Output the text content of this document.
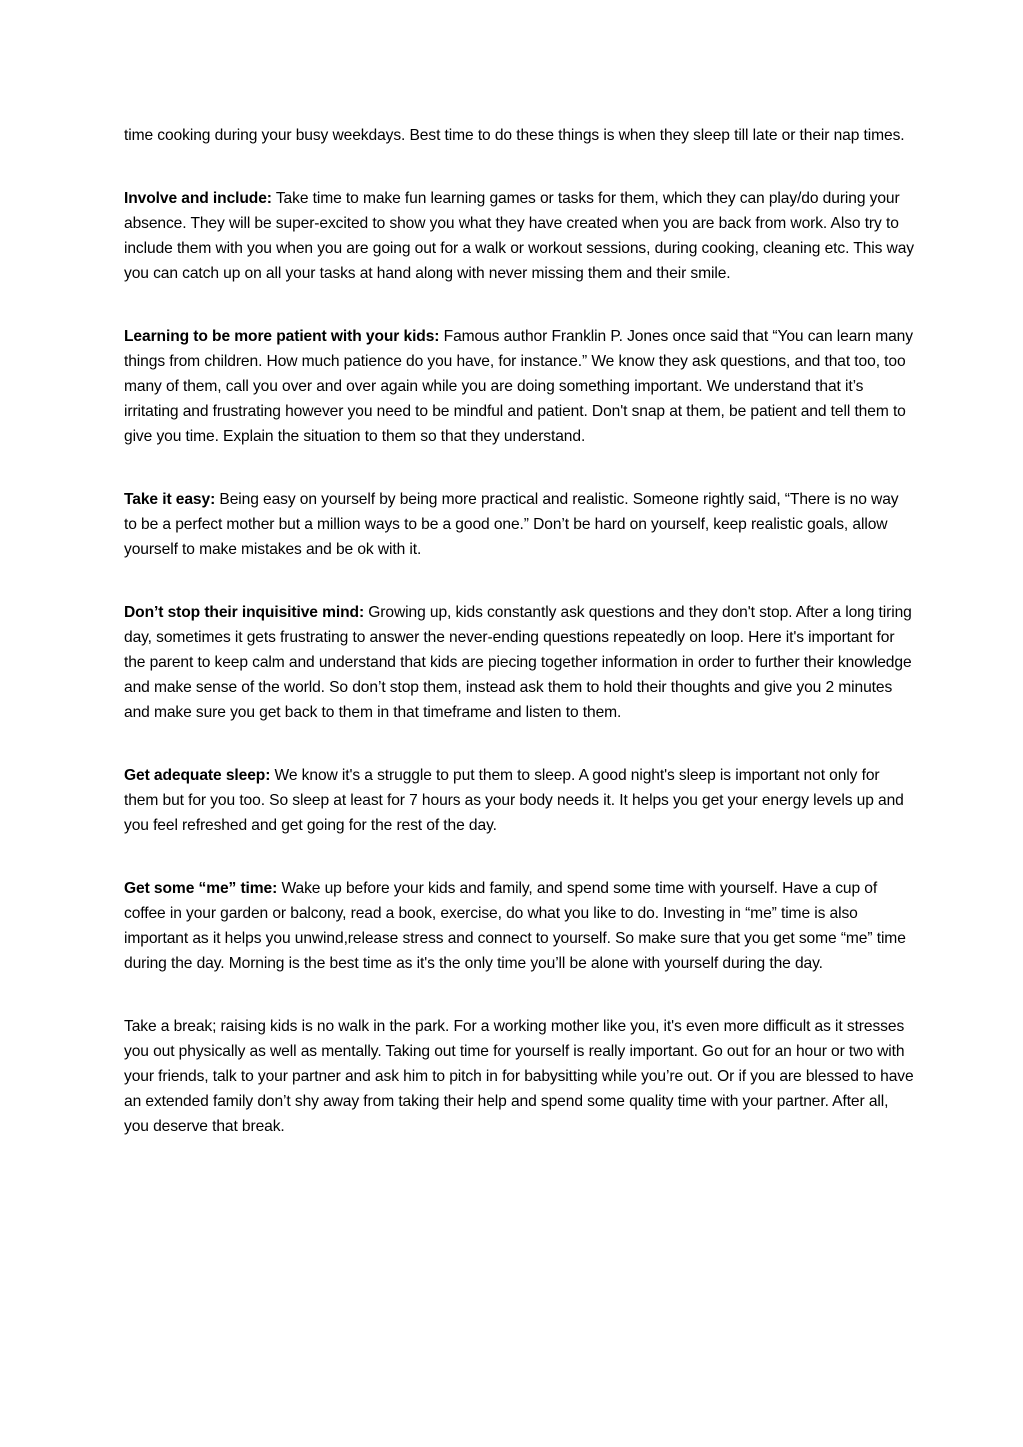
time cooking during your busy weekdays. Best time to do these things is when they sleep till late or their nap times.

Involve and include: Take time to make fun learning games or tasks for them, which they can play/do during your absence. They will be super-excited to show you what they have created when you are back from work. Also try to include them with you when you are going out for a walk or workout sessions, during cooking, cleaning etc. This way you can catch up on all your tasks at hand along with never missing them and their smile.

Learning to be more patient with your kids: Famous author Franklin P. Jones once said that “You can learn many things from children. How much patience do you have, for instance.” We know they ask questions, and that too, too many of them, call you over and over again while you are doing something important. We understand that it’s irritating and frustrating however you need to be mindful and patient. Don't snap at them, be patient and tell them to give you time. Explain the situation to them so that they understand.

Take it easy: Being easy on yourself by being more practical and realistic. Someone rightly said, “There is no way to be a perfect mother but a million ways to be a good one.” Don’t be hard on yourself, keep realistic goals, allow yourself to make mistakes and be ok with it.

Don’t stop their inquisitive mind: Growing up, kids constantly ask questions and they don't stop. After a long tiring day, sometimes it gets frustrating to answer the never-ending questions repeatedly on loop. Here it's important for the parent to keep calm and understand that kids are piecing together information in order to further their knowledge and make sense of the world. So don’t stop them, instead ask them to hold their thoughts and give you 2 minutes and make sure you get back to them in that timeframe and listen to them.

Get adequate sleep: We know it's a struggle to put them to sleep. A good night's sleep is important not only for them but for you too. So sleep at least for 7 hours as your body needs it. It helps you get your energy levels up and you feel refreshed and get going for the rest of the day.

Get some “me” time: Wake up before your kids and family, and spend some time with yourself. Have a cup of coffee in your garden or balcony, read a book, exercise, do what you like to do. Investing in “me” time is also important as it helps you unwind,release stress and connect to yourself. So make sure that you get some “me” time during the day. Morning is the best time as it's the only time you’ll be alone with yourself during the day.

Take a break; raising kids is no walk in the park. For a working mother like you, it's even more difficult as it stresses you out physically as well as mentally. Taking out time for yourself is really important. Go out for an hour or two with your friends, talk to your partner and ask him to pitch in for babysitting while you’re out. Or if you are blessed to have an extended family don’t shy away from taking their help and spend some quality time with your partner. After all, you deserve that break.
